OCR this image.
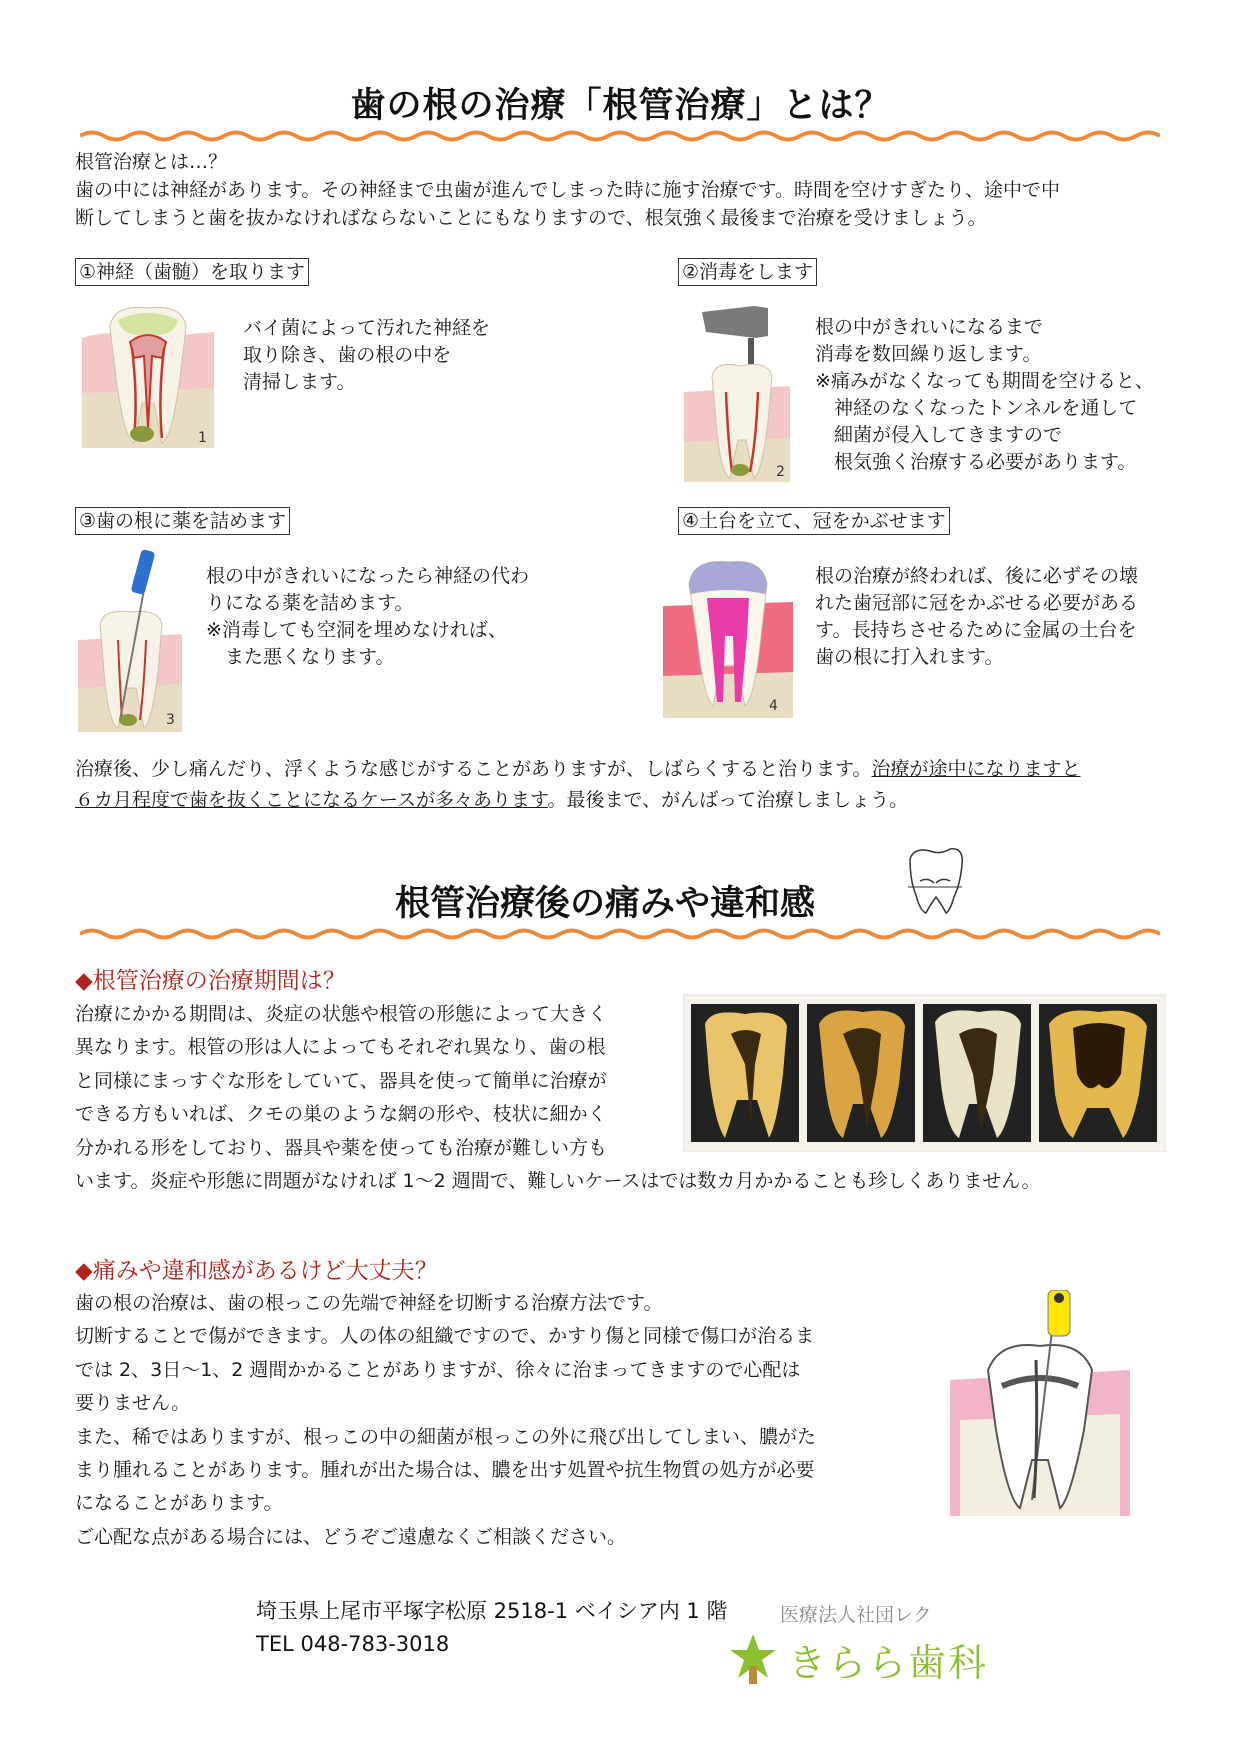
歯の根の治療「根管治療」とは？
根管治療とは…？
歯の中には神経があります。その神経まで虫歯が進んでしまった時に施す治療です。時間を空けすぎたり、途中で中
断してしまうと歯を抜かなければならないことにもなりますので、根気強く最後まで治療を受けましょう。
①神経（歯髄）を取ります
1
バイ菌によって汚れた神経を
取り除き、歯の根の中を
清掃します。
②消毒をします
2
根の中がきれいになるまで
消毒を数回繰り返します。
※痛みがなくなっても期間を空けると、
　神経のなくなったトンネルを通して
　細菌が侵入してきますので
　根気強く治療する必要があります。
③歯の根に薬を詰めます
3
根の中がきれいになったら神経の代わ
りになる薬を詰めます。
※消毒しても空洞を埋めなければ、
　また悪くなります。
④土台を立て、冠をかぶせます
4
根の治療が終われば、後に必ずその壊
れた歯冠部に冠をかぶせる必要がある
す。長持ちさせるために金属の土台を
歯の根に打入れます。
治療後、少し痛んだり、浮くような感じがすることがありますが、しばらくすると治ります。治療が途中になりますと
６カ月程度で歯を抜くことになるケースが多々あります。最後まで、がんばって治療しましょう。
根管治療後の痛みや違和感
◆根管治療の治療期間は？
治療にかかる期間は、炎症の状態や根管の形態によって大きく
異なります。根管の形は人によってもそれぞれ異なり、歯の根
と同様にまっすぐな形をしていて、器具を使って簡単に治療が
できる方もいれば、クモの巣のような網の形や、枝状に細かく
分かれる形をしており、器具や薬を使っても治療が難しい方も
います。炎症や形態に問題がなければ 1～2 週間で、難しいケースはでは数カ月かかることも珍しくありません。
◆痛みや違和感があるけど大丈夫？
歯の根の治療は、歯の根っこの先端で神経を切断する治療方法です。
切断することで傷ができます。人の体の組織ですので、かすり傷と同様で傷口が治るま
では 2、3日～1、2 週間かかることがありますが、徐々に治まってきますので心配は
要りません。
また、稀ではありますが、根っこの中の細菌が根っこの外に飛び出してしまい、膿がた
まり腫れることがあります。腫れが出た場合は、膿を出す処置や抗生物質の処方が必要
になることがあります。
ご心配な点がある場合には、どうぞご遠慮なくご相談ください。
埼玉県上尾市平塚字松原 2518-1 ベイシア内 1 階
TEL 048-783-3018
医療法人社団レク
きらら歯科
